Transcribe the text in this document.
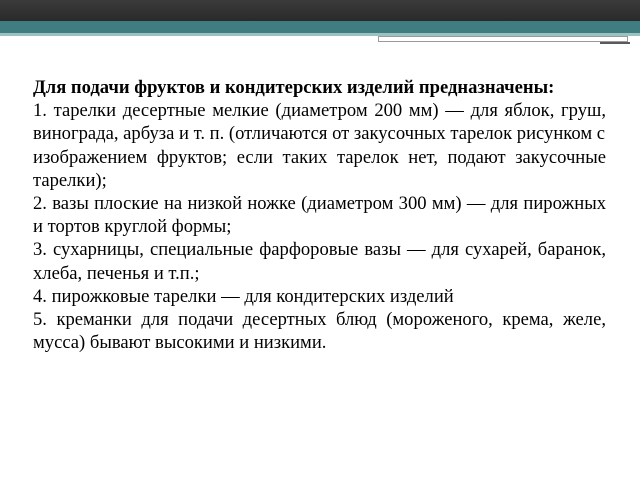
Для подачи фруктов и кондитерских изделий предназначены:

1. тарелки десертные мелкие (диаметром 200 мм) — для яблок, груш, винограда, арбуза и т. п. (отличаются от закусочных тарелок рисунком с

изображением фруктов; если таких тарелок нет, подают закусочные тарелки);

2. вазы плоские на низкой ножке (диаметром 300 мм) — для пирожных и тортов круглой формы;

3. сухарницы, специальные фарфоровые вазы — для сухарей, баранок, хлеба, печенья и т.п.;

4. пирожковые тарелки — для кондитерских изделий

5. креманки для подачи десертных блюд (мороженого, крема, желе, мусса) бывают высокими и низкими.
